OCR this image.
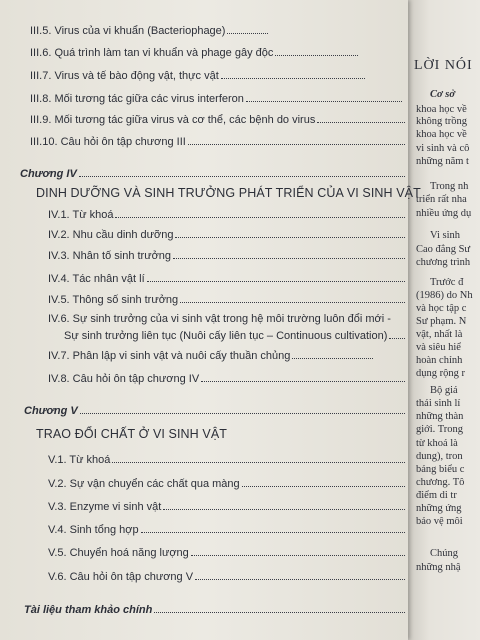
III.5. Virus của vi khuẩn (Bacteriophage)
III.6. Quá trình làm tan vi khuẩn và phage gây độc
III.7. Virus và tế bào động vật, thực vật
III.8. Mối tương tác giữa các virus interferon
III.9. Mối tương tác giữa virus và cơ thể, các bệnh do virus
III.10. Câu hỏi ôn tập chương III
Chương IV
DINH DƯỠNG VÀ SINH TRƯỞNG PHÁT TRIỂN CỦA VI SINH VẬT
IV.1. Từ khoá
IV.2. Nhu cầu dinh dưỡng
IV.3. Nhân tố sinh trưởng
IV.4. Tác nhân vật lí
IV.5. Thông số sinh trưởng
IV.6. Sự sinh trưởng của vi sinh vật trong hệ môi trường luôn đổi mới -
Sự sinh trưởng liên tục (Nuôi cấy liên tục – Continuous cultivation)
IV.7. Phân lập vi sinh vật và nuôi cấy thuần chủng
IV.8. Câu hỏi ôn tập chương IV
Chương V
TRAO ĐỔI CHẤT Ở VI SINH VẬT
V.1. Từ khoá
V.2. Sự vận chuyển các chất qua màng
V.3. Enzyme vi sinh vật
V.4. Sinh tổng hợp
V.5. Chuyển hoá năng lượng
V.6. Câu hỏi ôn tập chương V
Tài liệu tham khảo chính
LỜI NÓI
Cơ sở
khoa học về
không trồng
khoa học về
vi sinh và cô
những năm t
Trong nh
triển rất nha
nhiều ứng dụ
Vi sinh
Cao đẳng Sư
chương trình
Trước đ
(1986) do Nh
và học tập c
Sư phạm. N
vật, nhất là
và siêu hiể
hoàn chỉnh
dụng rộng r
Bộ giá
thái sinh lí
những thàn
giới. Trong
từ khoá là
dung), tron
bảng biểu c
chương. Tô
điểm di tr
những ứng
bảo vệ môi
Chúng
những nhậ
